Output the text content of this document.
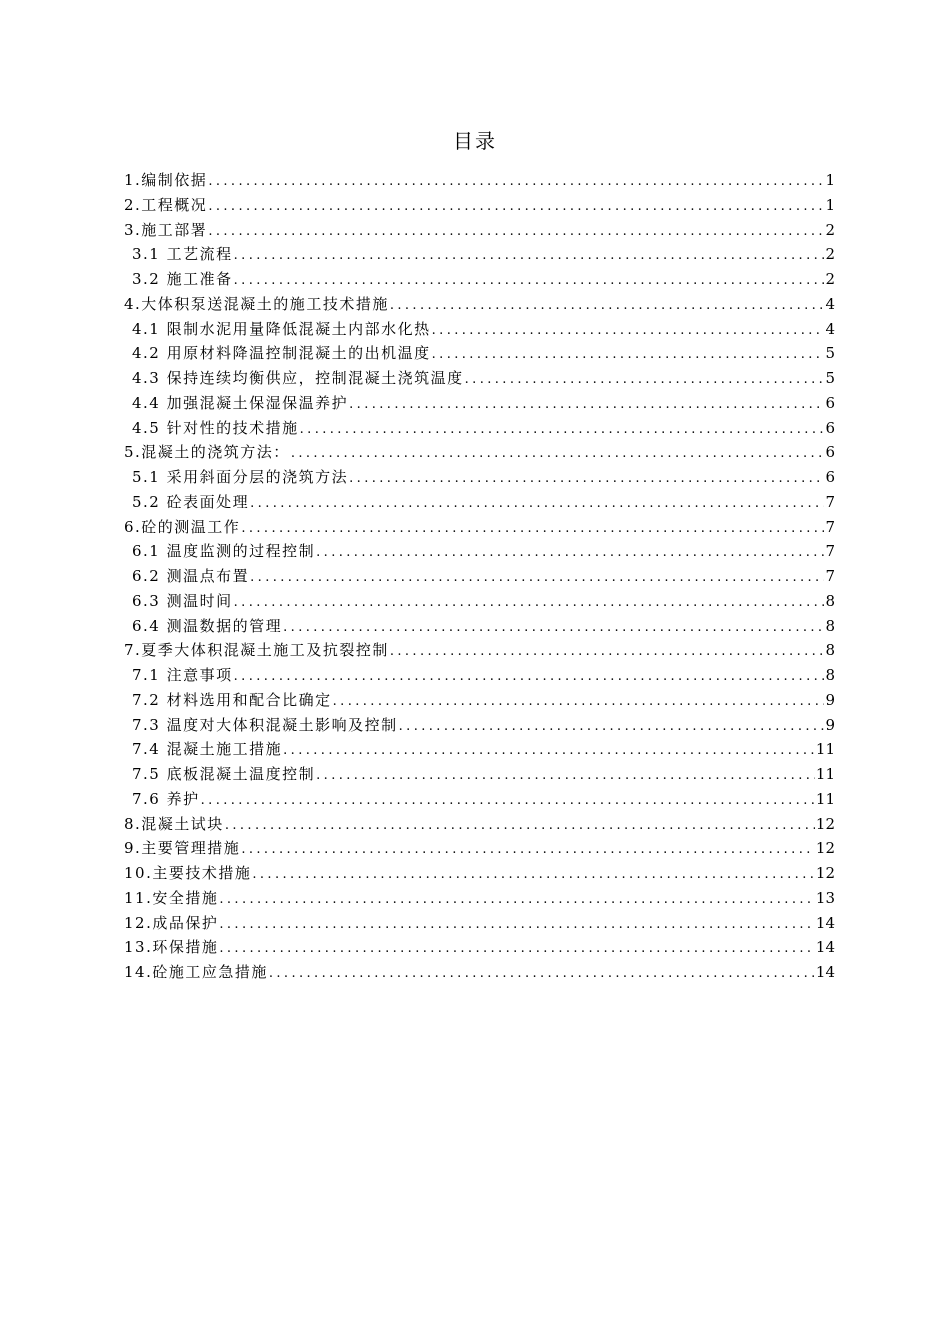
目录
1.编制依据 .....	1
2.工程概况 .....	1
3.施工部署 .....	2
3.1 工艺流程 .....	2
3.2 施工准备 .....	2
4.大体积泵送混凝土的施工技术措施 .....	4
4.1 限制水泥用量降低混凝土内部水化热 .....	4
4.2 用原材料降温控制混凝土的出机温度 .....	5
4.3 保持连续均衡供应，控制混凝土浇筑温度 .....	5
4.4 加强混凝土保湿保温养护 .....	6
4.5 针对性的技术措施 .....	6
5.混凝土的浇筑方法： .....	6
5.1 采用斜面分层的浇筑方法 .....	6
5.2 砼表面处理 .....	7
6.砼的测温工作 .....	7
6.1 温度监测的过程控制 .....	7
6.2 测温点布置 .....	7
6.3 测温时间 .....	8
6.4 测温数据的管理 .....	8
7.夏季大体积混凝土施工及抗裂控制 .....	8
7.1 注意事项 .....	8
7.2 材料选用和配合比确定 .....	9
7.3 温度对大体积混凝土影响及控制 .....	9
7.4 混凝土施工措施 .....	11
7.5 底板混凝土温度控制 .....	11
7.6 养护 .....	11
8.混凝土试块 .....	12
9.主要管理措施 .....	12
10.主要技术措施 .....	12
11.安全措施 .....	13
12.成品保护 .....	14
13.环保措施 .....	14
14.砼施工应急措施 .....	14
